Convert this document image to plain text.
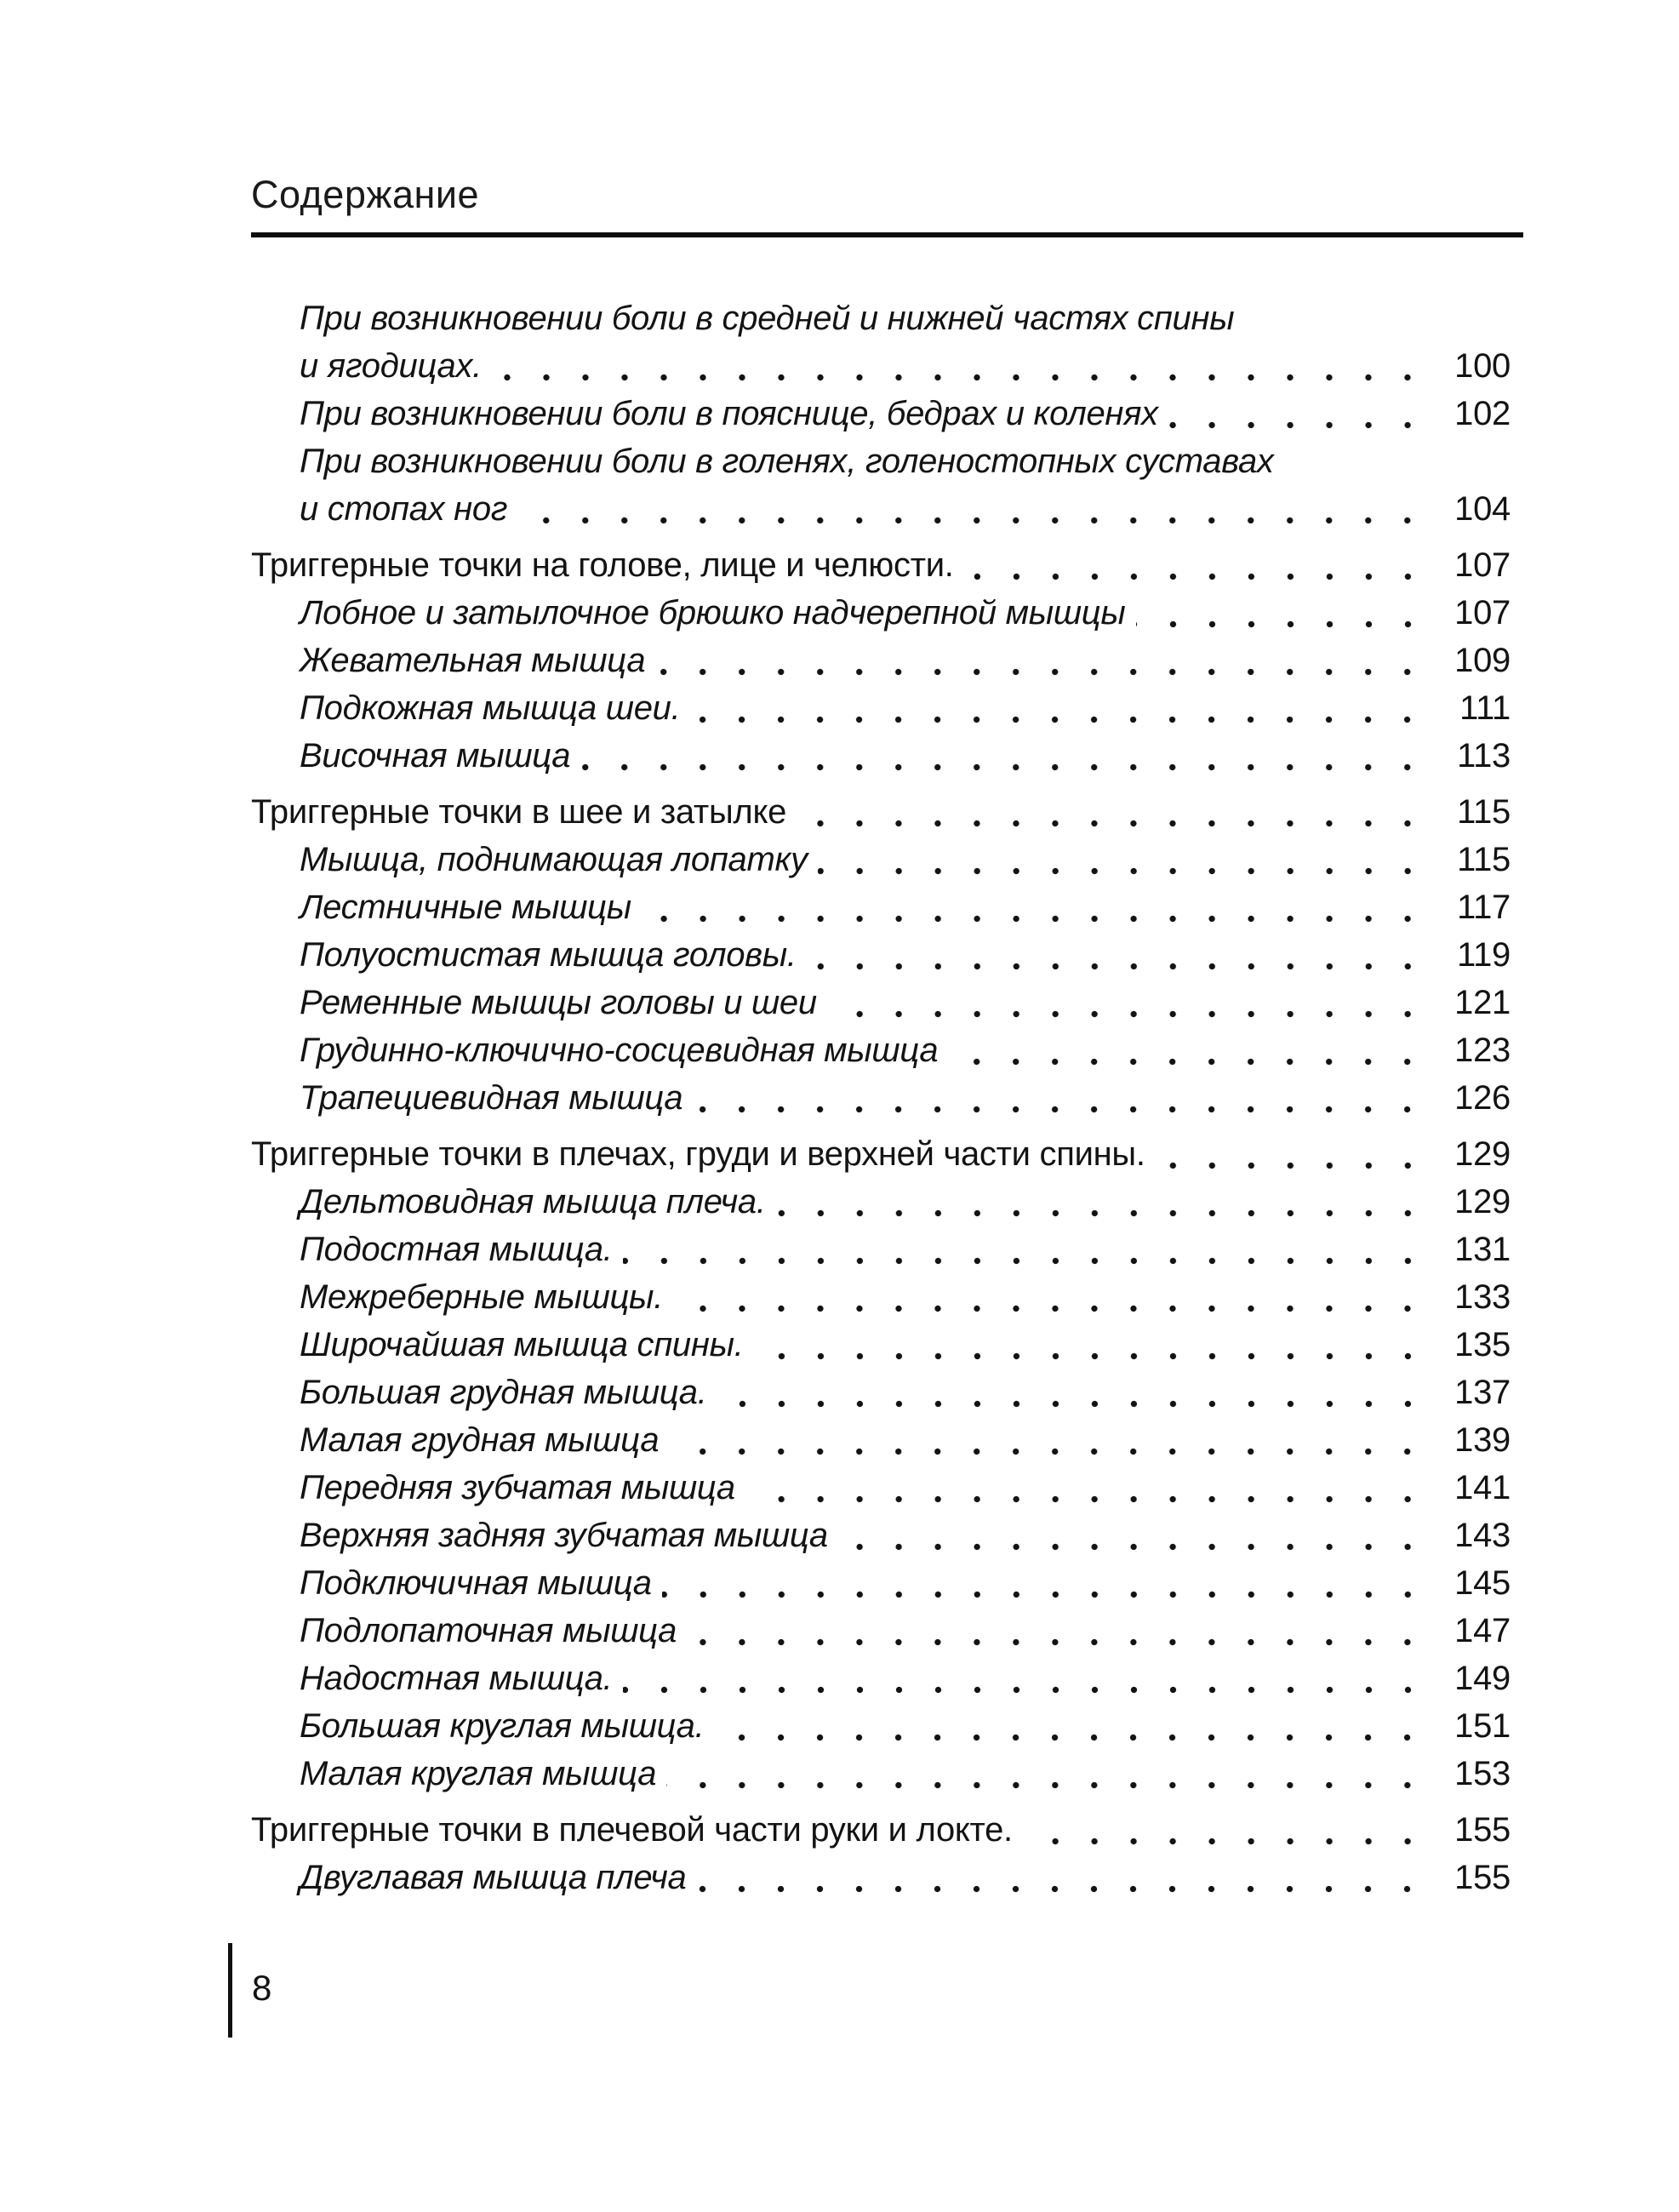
Содержание
При возникновении боли в средней и нижней частях спины
и ягодицах.	100
При возникновении боли в пояснице, бедрах и коленях	102
При возникновении боли в голенях, голеностопных суставах
и стопах ног	104
Триггерные точки на голове, лице и челюсти.	107
Лобное и затылочное брюшко надчерепной мышцы	107
Жевательная мышца	109
Подкожная мышца шеи.	111
Височная мышца	113
Триггерные точки в шее и затылке	115
Мышца, поднимающая лопатку	115
Лестничные мышцы	117
Полуостистая мышца головы.	119
Ременные мышцы головы и шеи	121
Грудинно-ключично-сосцевидная мышца	123
Трапециевидная мышца	126
Триггерные точки в плечах, груди и верхней части спины.	129
Дельтовидная мышца плеча.	129
Подостная мышца.	131
Межреберные мышцы.	133
Широчайшая мышца спины.	135
Большая грудная мышца.	137
Малая грудная мышца	139
Передняя зубчатая мышца	141
Верхняя задняя зубчатая мышца	143
Подключичная мышца	145
Подлопаточная мышца	147
Надостная мышца.	149
Большая круглая мышца.	151
Малая круглая мышца	153
Триггерные точки в плечевой части руки и локте.	155
Двуглавая мышца плеча	155
8
